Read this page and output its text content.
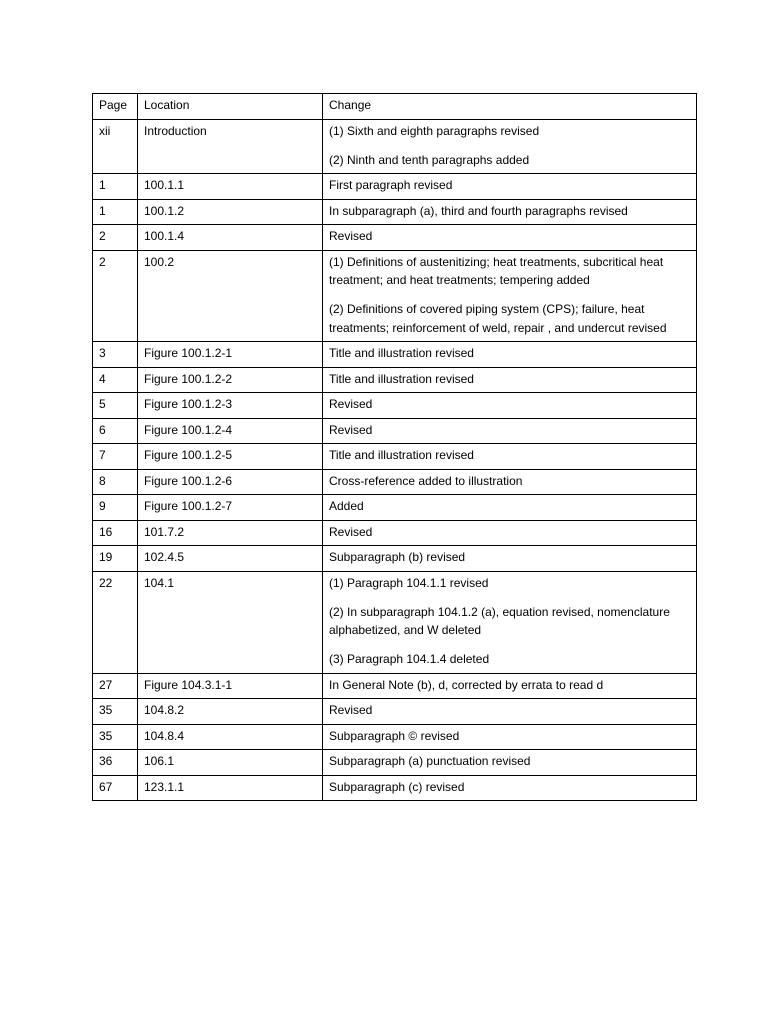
Page	Location	Change
xii	Introduction	(1) Sixth and eighth paragraphs revised
(2) Ninth and tenth paragraphs added

1	100.1.1	First paragraph revised

1	100.1.2	In subparagraph (a), third and fourth paragraphs revised

2	100.1.4	Revised

2	100.2	(1) Definitions of austenitizing; heat treatments, subcritical heat treatment; and heat treatments; tempering added
(2) Definitions of covered piping system (CPS); failure, heat treatments; reinforcement of weld, repair , and undercut revised

3	Figure 100.1.2-1	Title and illustration revised

4	Figure 100.1.2-2	Title and illustration revised

5	Figure 100.1.2-3	Revised

6	Figure 100.1.2-4	Revised

7	Figure 100.1.2-5	Title and illustration revised

8	Figure 100.1.2-6	Cross-reference added to illustration

9	Figure 100.1.2-7	Added

16	101.7.2	Revised

19	102.4.5	Subparagraph (b) revised

22	104.1	(1) Paragraph 104.1.1 revised
(2) In subparagraph 104.1.2 (a), equation revised, nomenclature alphabetized, and W deleted
(3) Paragraph 104.1.4 deleted

27	Figure 104.3.1-1	In General Note (b), d, corrected by errata to read d

35	104.8.2	Revised

35	104.8.4	Subparagraph © revised

36	106.1	Subparagraph (a) punctuation revised

67	123.1.1	Subparagraph (c) revised
